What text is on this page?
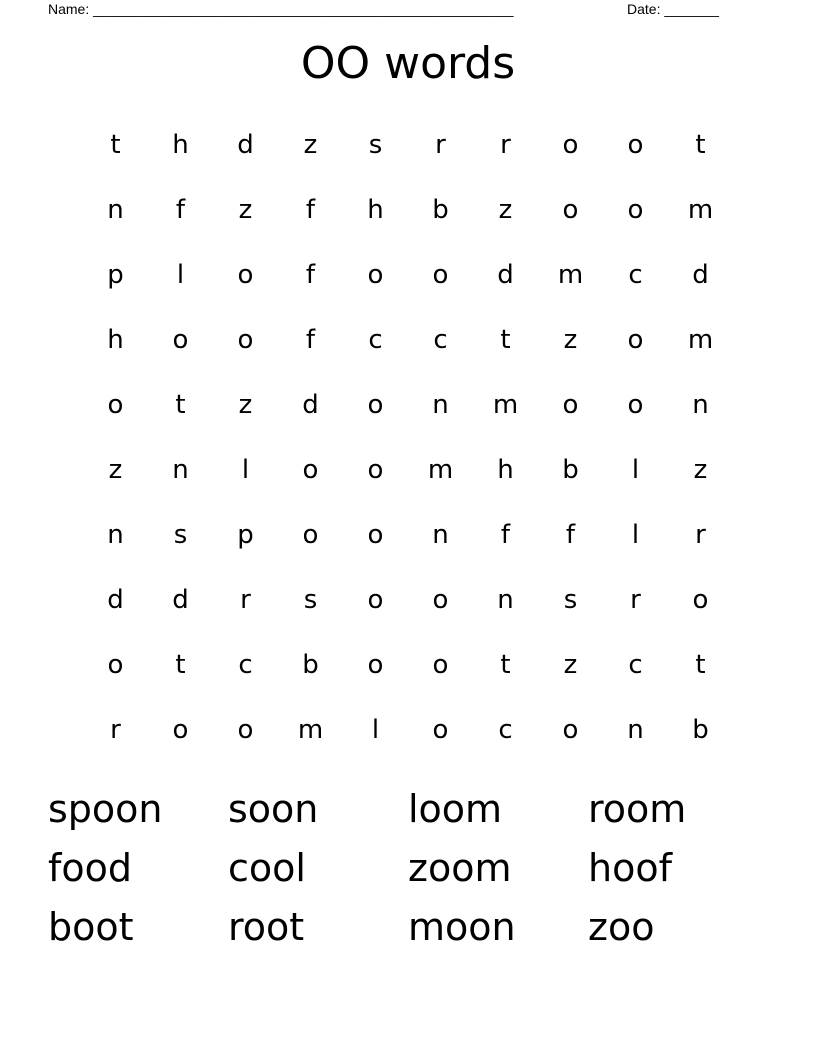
Name: ______________________________________________________	Date: _______
OO words
t	h	d	z	s	r	r	o	o	t
n	f	z	f	h	b	z	o	o	m
p	l	o	f	o	o	d	m	c	d
h	o	o	f	c	c	t	z	o	m
o	t	z	d	o	n	m	o	o	n
z	n	l	o	o	m	h	b	l	z
n	s	p	o	o	n	f	f	l	r
d	d	r	s	o	o	n	s	r	o
o	t	c	b	o	o	t	z	c	t
r	o	o	m	l	o	c	o	n	b
spoon	soon	loom	room
food	cool	zoom	hoof
boot	root	moon	zoo
